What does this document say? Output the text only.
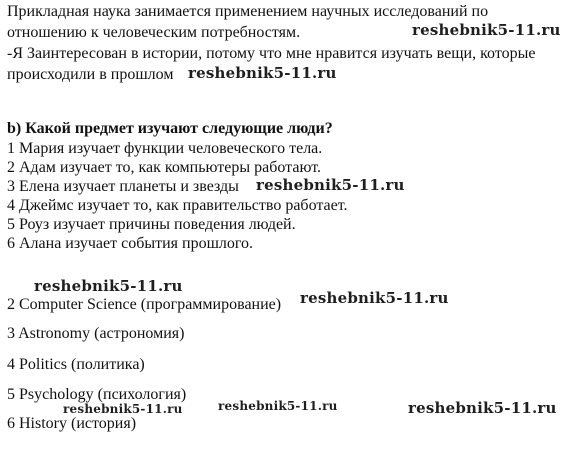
Прикладная наука занимается применением научных исследований по
отношению к человеческим потребностям.
-Я Заинтересован в истории, потому что мне нравится изучать вещи, которые
происходили в прошлом
b) Какой предмет изучают следующие люди?
1 Мария изучает функции человеческого тела.
2 Адам изучает то, как компьютеры работают.
3 Елена изучает планеты и звезды
4 Джеймс изучает то, как правительство работает.
5 Роуз изучает причины поведения людей.
6 Алана изучает события прошлого.
2 Computer Science (программирование)
3 Astronomy (астрономия)
4 Politics (политика)
5 Psychology (психология)
6 History (история)
reshebnik5-11.ru
reshebnik5-11.ru
reshebnik5-11.ru
reshebnik5-11.ru
reshebnik5-11.ru
reshebnik5-11.ru	reshebnik5-11.ru	reshebnik5-11.ru
